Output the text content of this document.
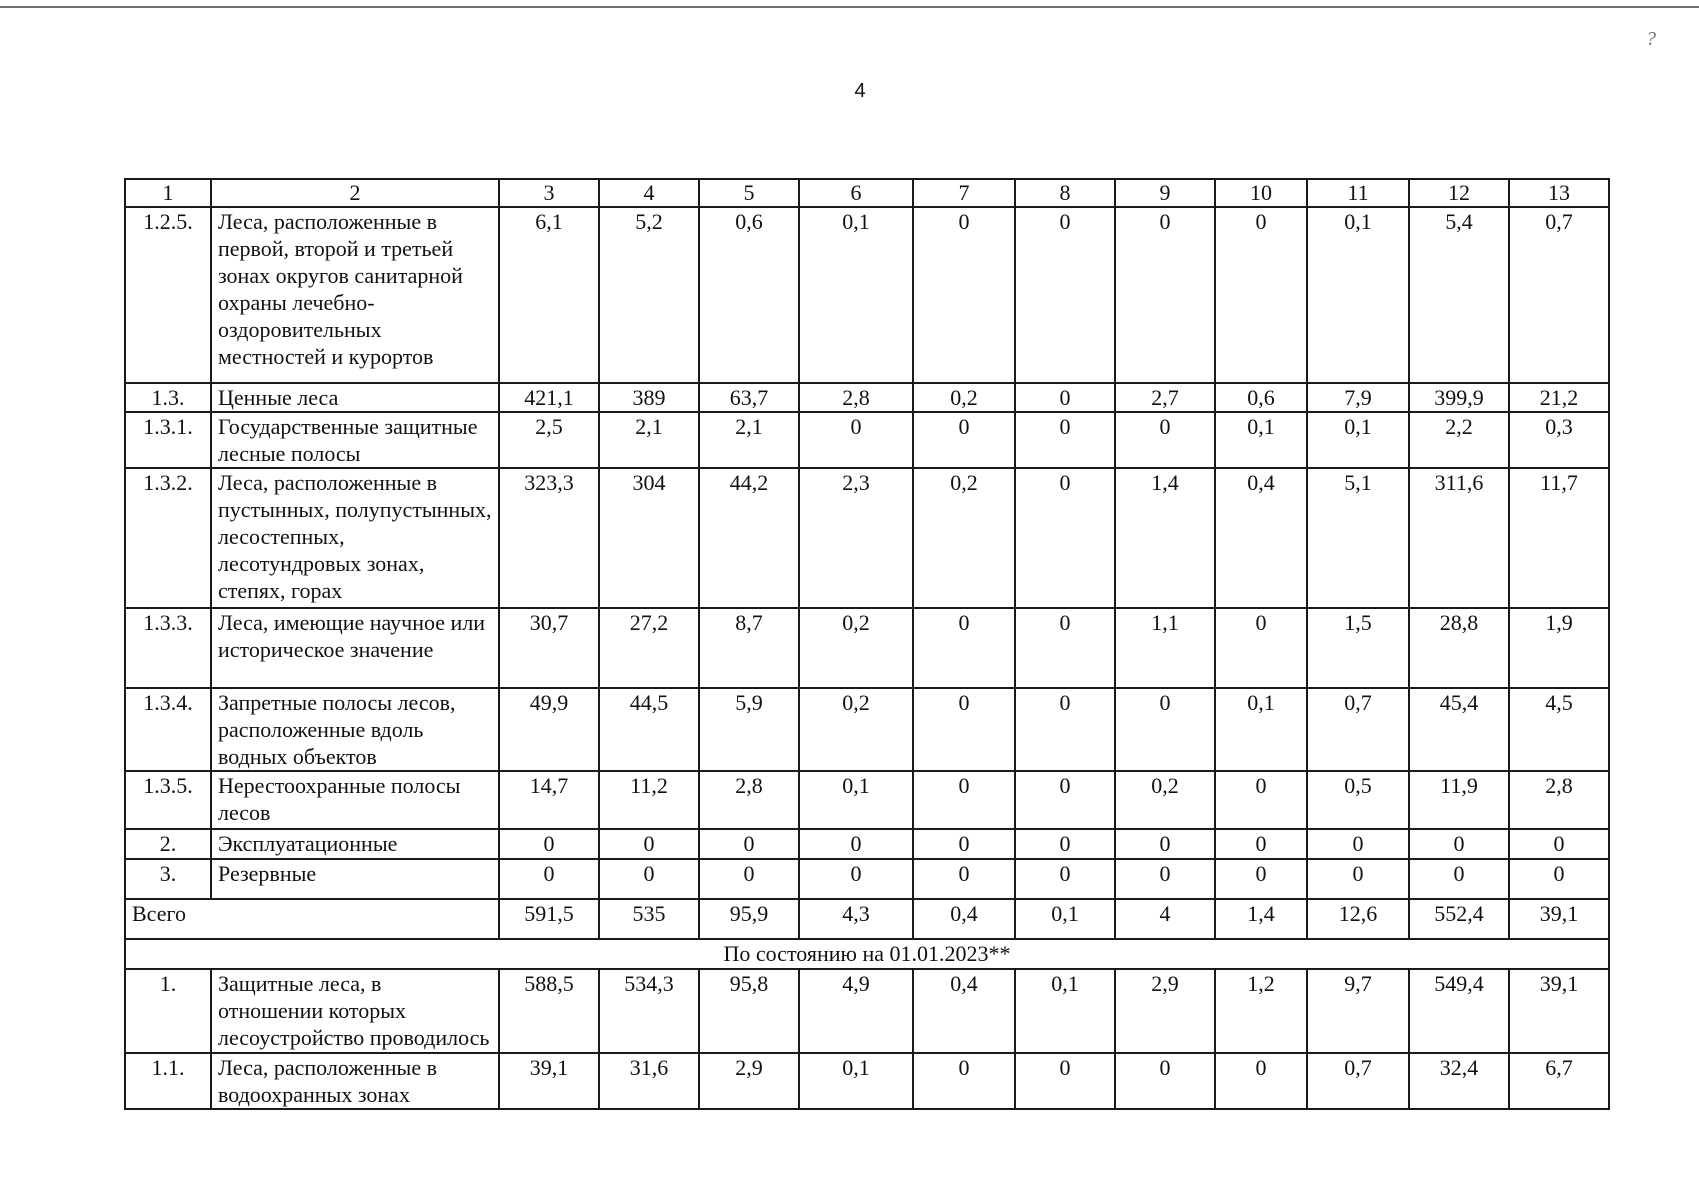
4
?
1	2	3	4	5	6	7	8	9	10	11	12	13
1.2.5.	Леса, расположенные в первой, второй и третьей зонах округов санитарной охраны лечебно-оздоровительных местностей и курортов	6,1	5,2	0,6	0,1	0	0	0	0	0,1	5,4	0,7
1.3.	Ценные леса	421,1	389	63,7	2,8	0,2	0	2,7	0,6	7,9	399,9	21,2
1.3.1.	Государственные защитные лесные полосы	2,5	2,1	2,1	0	0	0	0	0,1	0,1	2,2	0,3
1.3.2.	Леса, расположенные в пустынных, полупустынных, лесостепных, лесотундровых зонах, степях, горах	323,3	304	44,2	2,3	0,2	0	1,4	0,4	5,1	311,6	11,7
1.3.3.	Леса, имеющие научное или историческое значение	30,7	27,2	8,7	0,2	0	0	1,1	0	1,5	28,8	1,9
1.3.4.	Запретные полосы лесов, расположенные вдоль водных объектов	49,9	44,5	5,9	0,2	0	0	0	0,1	0,7	45,4	4,5
1.3.5.	Нерестоохранные полосы лесов	14,7	11,2	2,8	0,1	0	0	0,2	0	0,5	11,9	2,8
2.	Эксплуатационные	0	0	0	0	0	0	0	0	0	0	0
3.	Резервные	0	0	0	0	0	0	0	0	0	0	0
Всего		591,5	535	95,9	4,3	0,4	0,1	4	1,4	12,6	552,4	39,1
По состоянию на 01.01.2023**												
1.	Защитные леса, в отношении которых лесоустройство проводилось	588,5	534,3	95,8	4,9	0,4	0,1	2,9	1,2	9,7	549,4	39,1
1.1.	Леса, расположенные в водоохранных зонах	39,1	31,6	2,9	0,1	0	0	0	0	0,7	32,4	6,7
